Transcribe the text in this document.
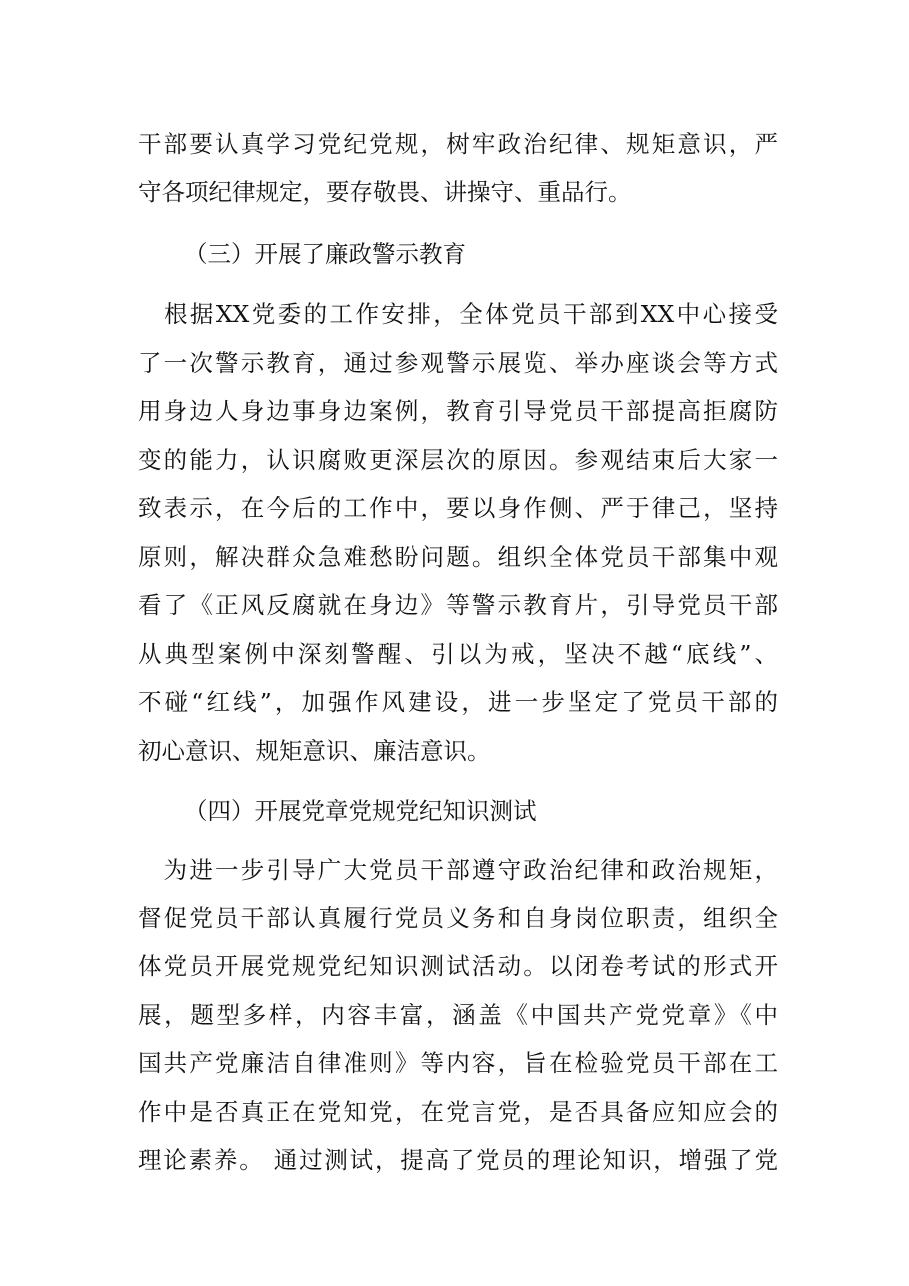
干部要认真学习党纪党规，树牢政治纪律、规矩意识，严
守各项纪律规定，要存敬畏、讲操守、重品行。
（三）开展了廉政警示教育
　根据XX党委的工作安排，全体党员干部到XX中心接受
了一次警示教育，通过参观警示展览、举办座谈会等方式
用身边人身边事身边案例，教育引导党员干部提高拒腐防
变的能力，认识腐败更深层次的原因。参观结束后大家一
致表示，在今后的工作中，要以身作侧、严于律己，坚持
原则，解决群众急难愁盼问题。组织全体党员干部集中观
看了《正风反腐就在身边》等警示教育片，引导党员干部
从典型案例中深刻警醒、引以为戒，坚决不越“底线”、
不碰“红线”，加强作风建设，进一步坚定了党员干部的
初心意识、规矩意识、廉洁意识。
（四）开展党章党规党纪知识测试
　为进一步引导广大党员干部遵守政治纪律和政治规矩，
督促党员干部认真履行党员义务和自身岗位职责，组织全
体党员开展党规党纪知识测试活动。以闭卷考试的形式开
展，题型多样，内容丰富，涵盖《中国共产党党章》《中
国共产党廉洁自律准则》等内容，旨在检验党员干部在工
作中是否真正在党知党，在党言党，是否具备应知应会的
理论素养。 通过测试，提高了党员的理论知识，增强了党
